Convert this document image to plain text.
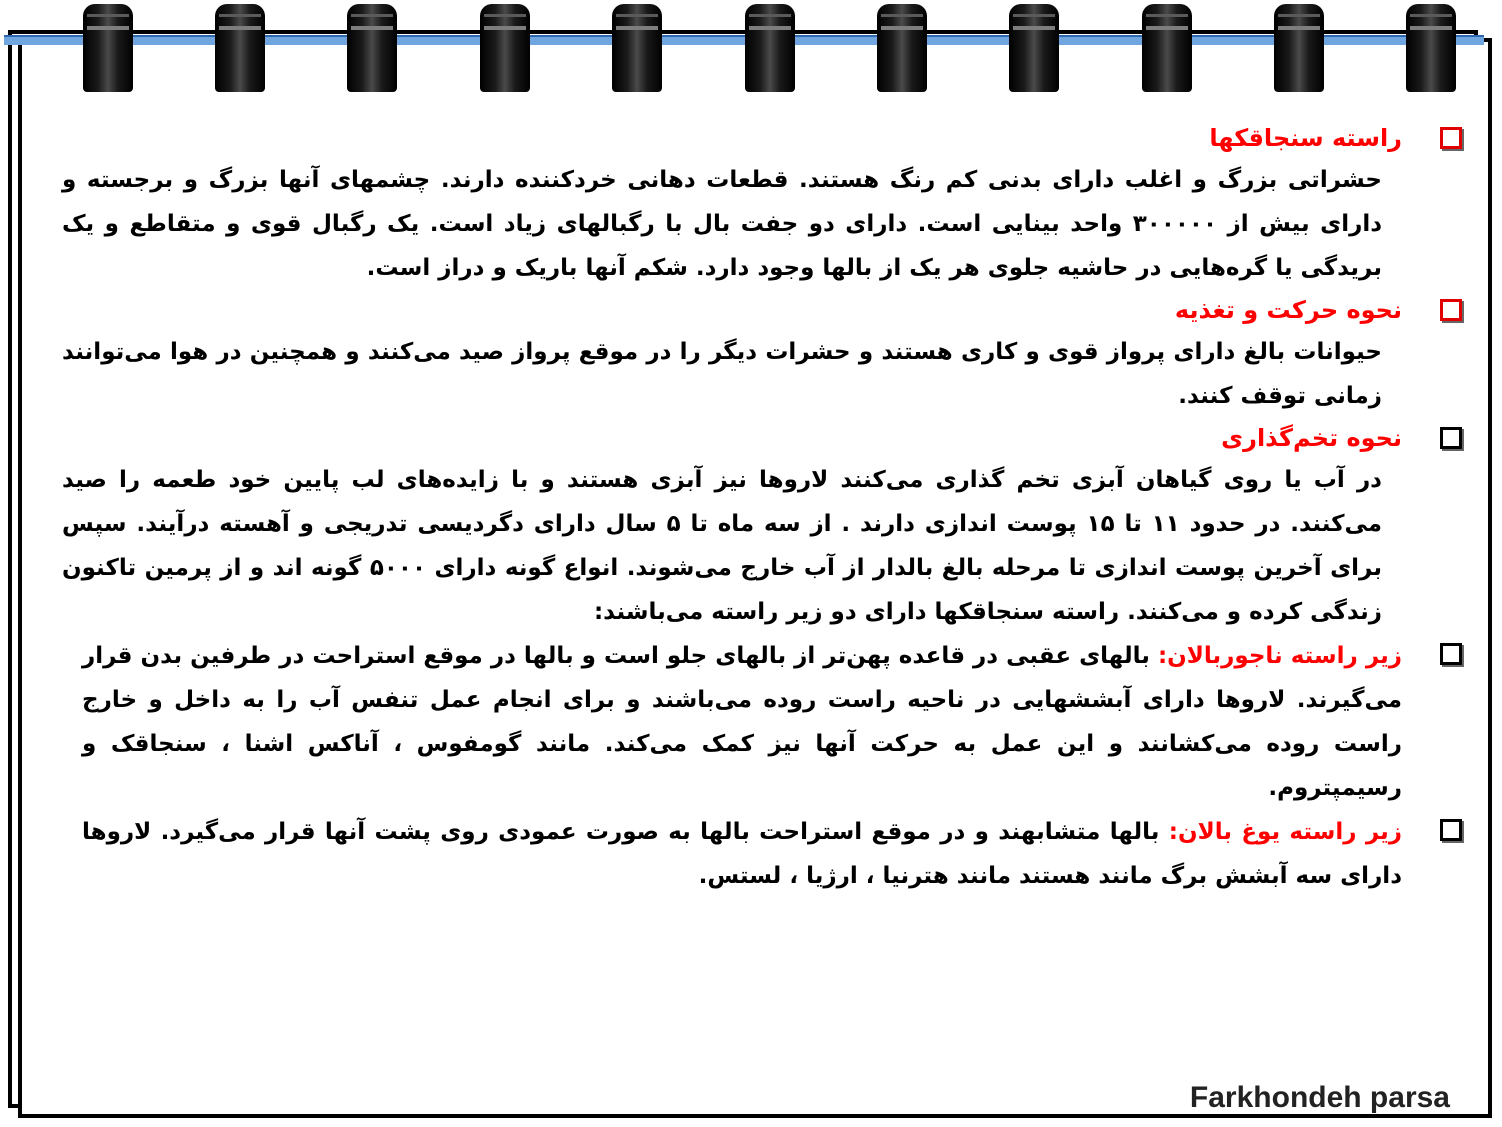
راسته سنجاقکها
حشراتی بزرگ و اغلب دارای بدنی کم رنگ هستند. قطعات دهانی خردکننده دارند. چشمهای آنها بزرگ و برجسته و دارای بیش از ۳۰۰۰۰۰ واحد بینایی است. دارای دو جفت بال با رگبالهای زیاد است. یک رگبال قوی و متقاطع و یک بریدگی یا گره‌هایی در حاشیه جلوی هر یک از بالها وجود دارد. شکم آنها باریک و دراز است.
نحوه حرکت و تغذیه
حیوانات بالغ دارای پرواز قوی و کاری هستند و حشرات دیگر را در موقع پرواز صید می‌کنند و همچنین در هوا می‌توانند زمانی توقف کنند.
نحوه تخم‌گذاری
در آب یا روی گیاهان آبزی تخم گذاری می‌کنند لاروها نیز آبزی هستند و با زایده‌های لب پایین خود طعمه را صید می‌کنند. در حدود ۱۱ تا ۱۵ پوست اندازی دارند . از سه ماه تا ۵ سال دارای دگردیسی تدریجی و آهسته درآیند. سپس برای آخرین پوست اندازی تا مرحله بالغ بالدار از آب خارج می‌شوند. انواع گونه دارای ۵۰۰۰ گونه اند و از پرمین تاکنون زندگی کرده و می‌کنند. راسته سنجاقکها دارای دو زیر راسته می‌باشند:
زیر راسته ناجوربالان: بالهای عقبی در قاعده پهن‌تر از بالهای جلو است و بالها در موقع استراحت در طرفین بدن قرار می‌گیرند. لاروها دارای آبششهایی در ناحیه راست روده می‌باشند و برای انجام عمل تنفس آب را به داخل و خارج راست روده می‌کشانند و این عمل به حرکت آنها نیز کمک می‌کند. مانند گومفوس ، آناکس اشنا ، سنجاقک و رسیمپتروم.
زیر راسته یوغ بالان: بالها متشابهند و در موقع استراحت بالها به صورت عمودی روی پشت آنها قرار می‌گیرد. لاروها دارای سه آبشش برگ مانند هستند مانند هترنیا ، ارژیا ، لستس.
Farkhondeh parsa
